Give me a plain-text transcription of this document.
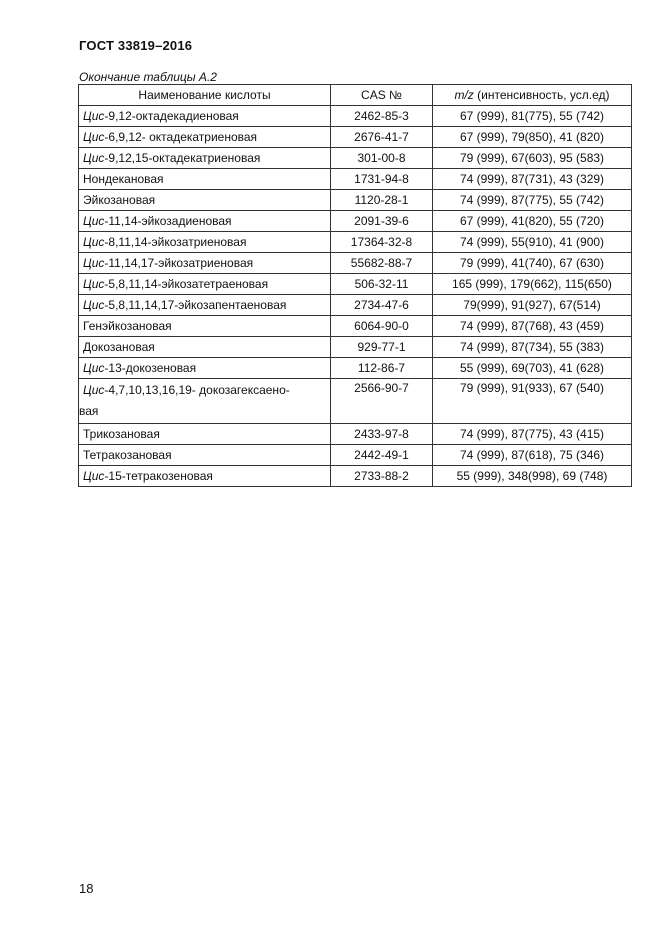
ГОСТ 33819–2016
Окончание таблицы А.2
Наименование кислоты	CAS №	m/z (интенсивность, усл.ед)
Цис-9,12-октадекадиеновая	2462-85-3	67 (999), 81(775), 55 (742)
Цис-6,9,12- октадекатриеновая	2676-41-7	67 (999), 79(850), 41 (820)
Цис-9,12,15-октадекатриеновая	301-00-8	79 (999), 67(603), 95 (583)
Нондекановая	1731-94-8	74 (999), 87(731), 43 (329)
Эйкозановая	1120-28-1	74 (999), 87(775), 55 (742)
Цис-11,14-эйкозадиеновая	2091-39-6	67 (999), 41(820), 55 (720)
Цис-8,11,14-эйкозатриеновая	17364-32-8	74 (999), 55(910), 41 (900)
Цис-11,14,17-эйкозатриеновая	55682-88-7	79 (999), 41(740), 67 (630)
Цис-5,8,11,14-эйкозатетраеновая	506-32-11	165 (999), 179(662), 115(650)
Цис-5,8,11,14,17-эйкозапентаеновая	2734-47-6	79(999), 91(927), 67(514)
Генэйкозановая	6064-90-0	74 (999), 87(768), 43 (459)
Докозановая	929-77-1	74 (999), 87(734), 55 (383)
Цис-13-докозеновая	112-86-7	55 (999), 69(703), 41 (628)
Цис-4,7,10,13,16,19- докозагексаено-
вая	2566-90-7	79 (999), 91(933), 67 (540)
Трикозановая	2433-97-8	74 (999), 87(775), 43 (415)
Тетракозановая	2442-49-1	74 (999), 87(618), 75 (346)
Цис-15-тетракозеновая	2733-88-2	55 (999), 348(998), 69 (748)
18
